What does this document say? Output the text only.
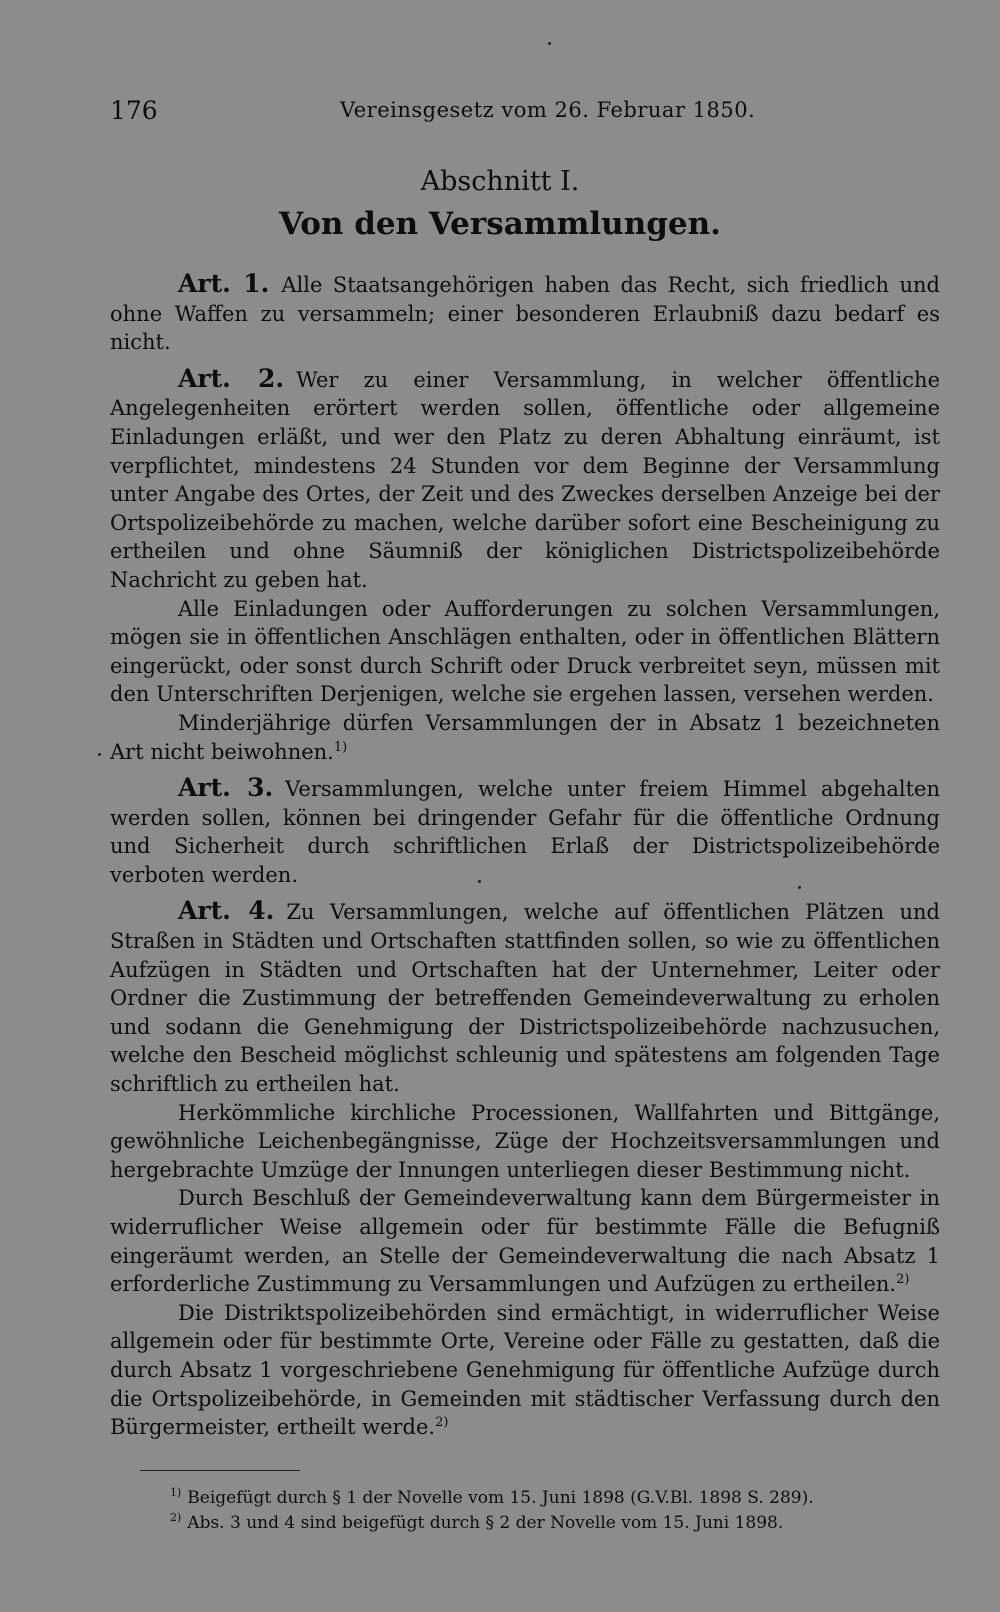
176	Vereinsgesetz vom 26. Februar 1850.
Abschnitt I.
Von den Versammlungen.

Art. 1. Alle Staatsangehörigen haben das Recht, sich friedlich und ohne Waffen zu versammeln; einer besonderen Erlaubniß dazu bedarf es nicht.

Art. 2. Wer zu einer Versammlung, in welcher öffentliche Angelegenheiten erörtert werden sollen, öffentliche oder allgemeine Einladungen erläßt, und wer den Platz zu deren Abhaltung einräumt, ist verpflichtet, mindestens 24 Stunden vor dem Beginne der Versammlung unter Angabe des Ortes, der Zeit und des Zweckes derselben Anzeige bei der Ortspolizeibehörde zu machen, welche darüber sofort eine Bescheinigung zu ertheilen und ohne Säumniß der königlichen Districtspolizeibehörde Nachricht zu geben hat.

Alle Einladungen oder Aufforderungen zu solchen Versammlungen, mögen sie in öffentlichen Anschlägen enthalten, oder in öffentlichen Blättern eingerückt, oder sonst durch Schrift oder Druck verbreitet seyn, müssen mit den Unterschriften Derjenigen, welche sie ergehen lassen, versehen werden.

Minderjährige dürfen Versammlungen der in Absatz 1 bezeichneten Art nicht beiwohnen.$^{1)}$

Art. 3. Versammlungen, welche unter freiem Himmel abgehalten werden sollen, können bei dringender Gefahr für die öffentliche Ordnung und Sicherheit durch schriftlichen Erlaß der Districtspolizeibehörde verboten werden.

Art. 4. Zu Versammlungen, welche auf öffentlichen Plätzen und Straßen in Städten und Ortschaften stattfinden sollen, so wie zu öffentlichen Aufzügen in Städten und Ortschaften hat der Unternehmer, Leiter oder Ordner die Zustimmung der betreffenden Gemeindeverwaltung zu erholen und sodann die Genehmigung der Districtspolizeibehörde nachzusuchen, welche den Bescheid möglichst schleunig und spätestens am folgenden Tage schriftlich zu ertheilen hat.

Herkömmliche kirchliche Processionen, Wallfahrten und Bittgänge, gewöhnliche Leichenbegängnisse, Züge der Hochzeitsversammlungen und hergebrachte Umzüge der Innungen unterliegen dieser Bestimmung nicht.

Durch Beschluß der Gemeindeverwaltung kann dem Bürgermeister in widerruflicher Weise allgemein oder für bestimmte Fälle die Befugniß eingeräumt werden, an Stelle der Gemeindeverwaltung die nach Absatz 1 erforderliche Zustimmung zu Versammlungen und Aufzügen zu ertheilen.$^{2)}$

Die Distriktspolizeibehörden sind ermächtigt, in widerruflicher Weise allgemein oder für bestimmte Orte, Vereine oder Fälle zu gestatten, daß die durch Absatz 1 vorgeschriebene Genehmigung für öffentliche Aufzüge durch die Ortspolizeibehörde, in Gemeinden mit städtischer Verfassung durch den Bürgermeister, ertheilt werde.$^{2)}$

$^{1)}$ Beigefügt durch § 1 der Novelle vom 15. Juni 1898 (G.V.Bl. 1898 S. 289).

$^{2)}$ Abs. 3 und 4 sind beigefügt durch § 2 der Novelle vom 15. Juni 1898.
